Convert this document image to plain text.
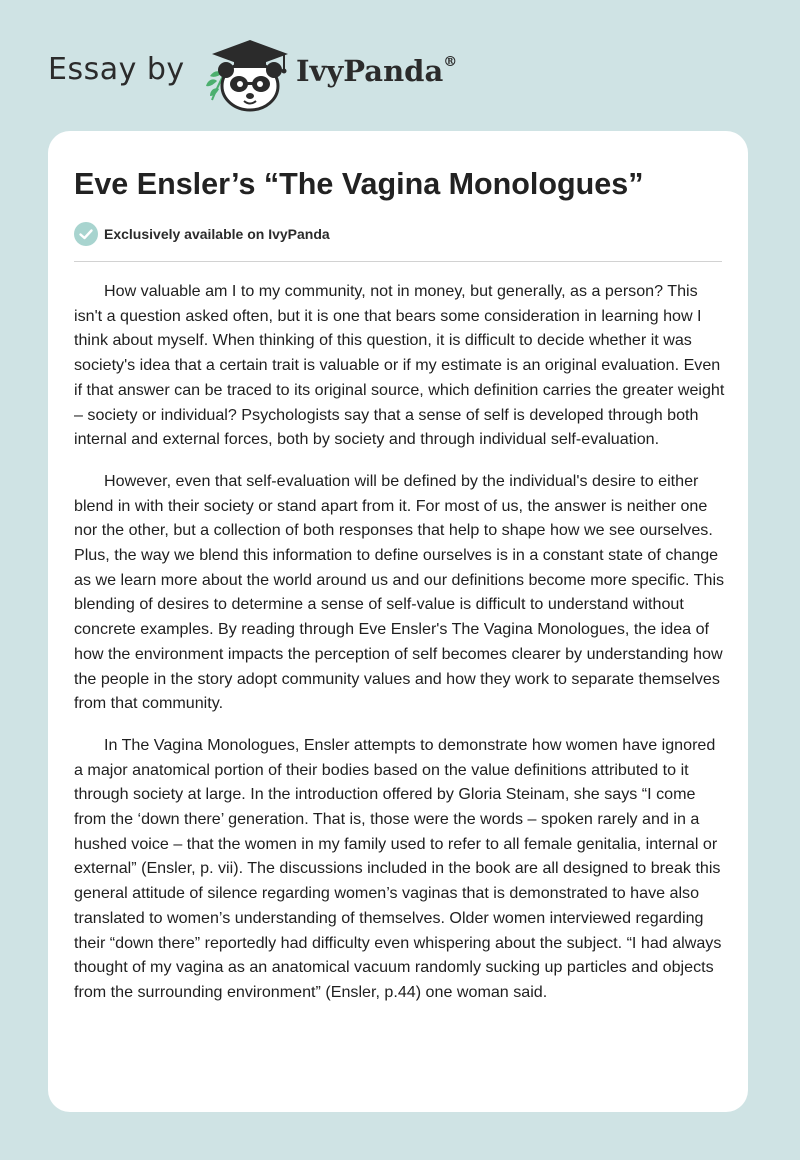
Essay by	IvyPanda®
Eve Ensler’s “The Vagina Monologues”
Exclusively available on IvyPanda

How valuable am I to my community, not in money, but generally, as a person? This isn't a question asked often, but it is one that bears some consideration in learning how I think about myself. When thinking of this question, it is difficult to decide whether it was society's idea that a certain trait is valuable or if my estimate is an original evaluation. Even if that answer can be traced to its original source, which definition carries the greater weight – society or individual? Psychologists say that a sense of self is developed through both internal and external forces, both by society and through individual self-evaluation.

However, even that self-evaluation will be defined by the individual's desire to either blend in with their society or stand apart from it. For most of us, the answer is neither one nor the other, but a collection of both responses that help to shape how we see ourselves. Plus, the way we blend this information to define ourselves is in a constant state of change as we learn more about the world around us and our definitions become more specific. This blending of desires to determine a sense of self-value is difficult to understand without concrete examples. By reading through Eve Ensler's The Vagina Monologues, the idea of how the environment impacts the perception of self becomes clearer by understanding how the people in the story adopt community values and how they work to separate themselves from that community.

In The Vagina Monologues, Ensler attempts to demonstrate how women have ignored a major anatomical portion of their bodies based on the value definitions attributed to it through society at large. In the introduction offered by Gloria Steinam, she says “I come from the ‘down there’ generation. That is, those were the words – spoken rarely and in a hushed voice – that the women in my family used to refer to all female genitalia, internal or external” (Ensler, p. vii). The discussions included in the book are all designed to break this general attitude of silence regarding women’s vaginas that is demonstrated to have also translated to women’s understanding of themselves. Older women interviewed regarding their “down there” reportedly had difficulty even whispering about the subject. “I had always thought of my vagina as an anatomical vacuum randomly sucking up particles and objects from the surrounding environment” (Ensler, p.44) one woman said.
